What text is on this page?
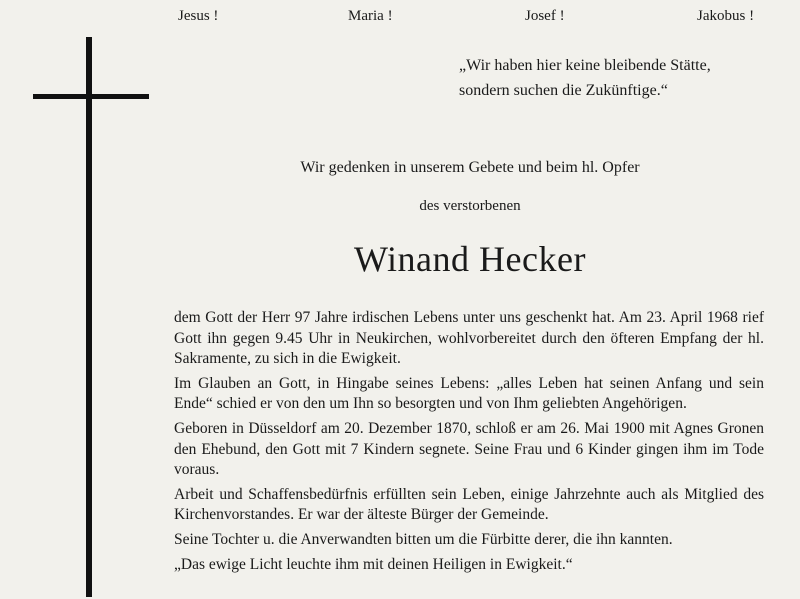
Jesus !	Maria !	Josef !	Jakobus !

„Wir haben hier keine bleibende Stätte,
sondern suchen die Zukünftige.“

Wir gedenken in unserem Gebete und beim hl. Opfer

des verstorbenen

Winand Hecker

dem Gott der Herr 97 Jahre irdischen Lebens unter uns geschenkt hat. Am 23. April 1968 rief Gott ihn gegen 9.45 Uhr in Neukirchen, wohlvorbereitet durch den öfteren Empfang der hl. Sakramente, zu sich in die Ewigkeit.

Im Glauben an Gott, in Hingabe seines Lebens: „alles Leben hat seinen Anfang und sein Ende“ schied er von den um Ihn so besorgten und von Ihm geliebten Angehörigen.

Geboren in Düsseldorf am 20. Dezember 1870, schloß er am 26. Mai 1900 mit Agnes Gronen den Ehebund, den Gott mit 7 Kindern segnete. Seine Frau und 6 Kinder gingen ihm im Tode voraus.

Arbeit und Schaffensbedürfnis erfüllten sein Leben, einige Jahrzehnte auch als Mitglied des Kirchenvorstandes. Er war der älteste Bürger der Gemeinde.

Seine Tochter u. die Anverwandten bitten um die Fürbitte derer, die ihn kannten.

„Das ewige Licht leuchte ihm mit deinen Heiligen in Ewigkeit.“
